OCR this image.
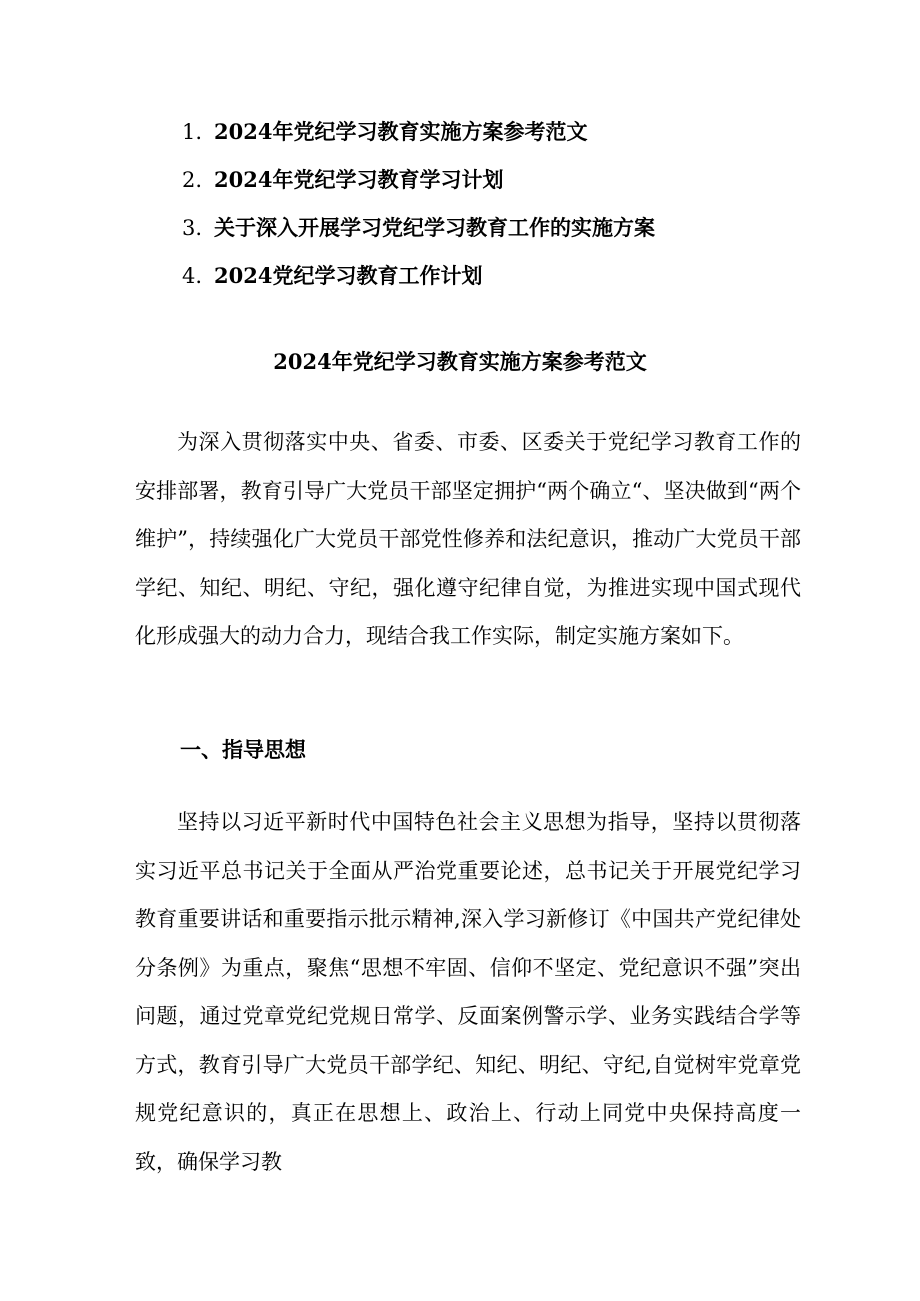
1. 2024年党纪学习教育实施方案参考范文
2. 2024年党纪学习教育学习计划
3. 关于深入开展学习党纪学习教育工作的实施方案
4. 2024党纪学习教育工作计划
2024年党纪学习教育实施方案参考范文

为深入贯彻落实中央、省委、市委、区委关于党纪学习教育工作的安排部署，教育引导广大党员干部坚定拥护“两个确立“、坚决做到“两个维护”，持续强化广大党员干部党性修养和法纪意识，推动广大党员干部学纪、知纪、明纪、守纪，强化遵守纪律自觉，为推进实现中国式现代化形成强大的动力合力，现结合我工作实际，制定实施方案如下。

一、指导思想

坚持以习近平新时代中国特色社会主义思想为指导，坚持以贯彻落实习近平总书记关于全面从严治党重要论述，总书记关于开展党纪学习教育重要讲话和重要指示批示精神,深入学习新修订《中国共产党纪律处分条例》为重点，聚焦“思想不牢固、信仰不坚定、党纪意识不强”突出问题，通过党章党纪党规日常学、反面案例警示学、业务实践结合学等方式，教育引导广大党员干部学纪、知纪、明纪、守纪,自觉树牢党章党规党纪意识的，真正在思想上、政治上、行动上同党中央保持高度一致，确保学习教
